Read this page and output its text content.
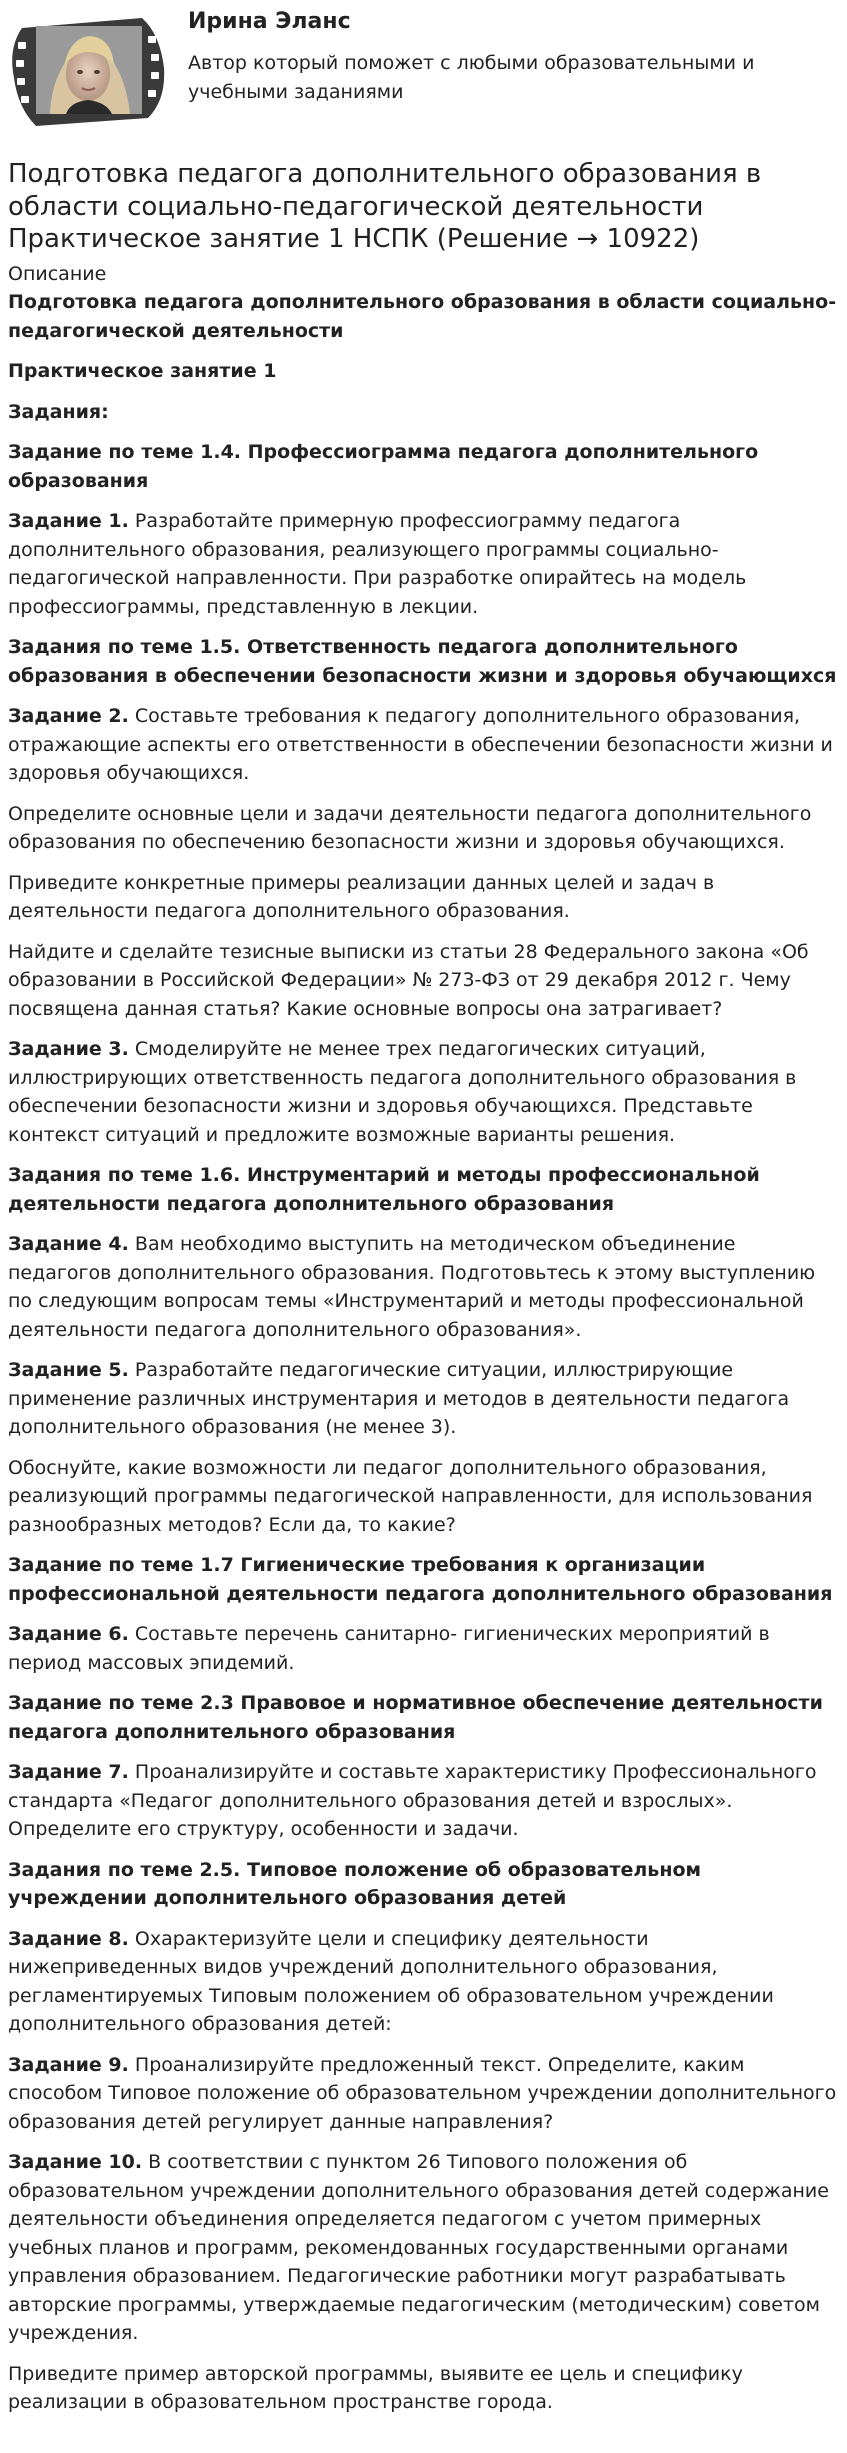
Ирина Эланс

Автор который поможет с любыми образовательными и учебными заданиями

Подготовка педагога дополнительного образования в области социально-педагогической деятельности Практическое занятие 1 НСПК (Решение → 10922)
Описание

Подготовка педагога дополнительного образования в области социально-педагогической деятельности

Практическое занятие 1

Задания:

Задание по теме 1.4. Профессиограмма педагога дополнительного образования

Задание 1. Разработайте примерную профессиограмму педагога дополнительного образования, реализующего программы социально-педагогической направленности. При разработке опирайтесь на модель профессиограммы, представленную в лекции.

Задания по теме 1.5. Ответственность педагога дополнительного образования в обеспечении безопасности жизни и здоровья обучающихся

Задание 2. Составьте требования к педагогу дополнительного образования, отражающие аспекты его ответственности в обеспечении безопасности жизни и здоровья обучающихся.

Определите основные цели и задачи деятельности педагога дополнительного образования по обеспечению безопасности жизни и здоровья обучающихся.

Приведите конкретные примеры реализации данных целей и задач в деятельности педагога дополнительного образования.

Найдите и сделайте тезисные выписки из статьи 28 Федерального закона «Об образовании в Российской Федерации» № 273-ФЗ от 29 декабря 2012 г. Чему посвящена данная статья? Какие основные вопросы она затрагивает?

Задание 3. Смоделируйте не менее трех педагогических ситуаций, иллюстрирующих ответственность педагога дополнительного образования в обеспечении безопасности жизни и здоровья обучающихся. Представьте контекст ситуаций и предложите возможные варианты решения.

Задания по теме 1.6. Инструментарий и методы профессиональной деятельности педагога дополнительного образования

Задание 4. Вам необходимо выступить на методическом объединение педагогов дополнительного образования. Подготовьтесь к этому выступлению по следующим вопросам темы «Инструментарий и методы профессиональной деятельности педагога дополнительного образования».

Задание 5. Разработайте педагогические ситуации, иллюстрирующие применение различных инструментария и методов в деятельности педагога дополнительного образования (не менее 3).

Обоснуйте, какие возможности ли педагог дополнительного образования, реализующий программы педагогической направленности, для использования разнообразных методов? Если да, то какие?

Задание по теме 1.7 Гигиенические требования к организации профессиональной деятельности педагога дополнительного образования

Задание 6. Составьте перечень санитарно- гигиенических мероприятий в период массовых эпидемий.

Задание по теме 2.3 Правовое и нормативное обеспечение деятельности педагога дополнительного образования

Задание 7. Проанализируйте и составьте характеристику Профессионального стандарта «Педагог дополнительного образования детей и взрослых». Определите его структуру, особенности и задачи.

Задания по теме 2.5. Типовое положение об образовательном учреждении дополнительного образования детей

Задание 8. Охарактеризуйте цели и специфику деятельности нижеприведенных видов учреждений дополнительного образования, регламентируемых Типовым положением об образовательном учреждении дополнительного образования детей:

Задание 9. Проанализируйте предложенный текст. Определите, каким способом Типовое положение об образовательном учреждении дополнительного образования детей регулирует данные направления?

Задание 10. В соответствии с пунктом 26 Типового положения об образовательном учреждении дополнительного образования детей содержание деятельности объединения определяется педагогом с учетом примерных учебных планов и программ, рекомендованных государственными органами управления образованием. Педагогические работники могут разрабатывать авторские программы, утверждаемые педагогическим (методическим) советом учреждения.

Приведите пример авторской программы, выявите ее цель и специфику реализации в образовательном пространстве города.
